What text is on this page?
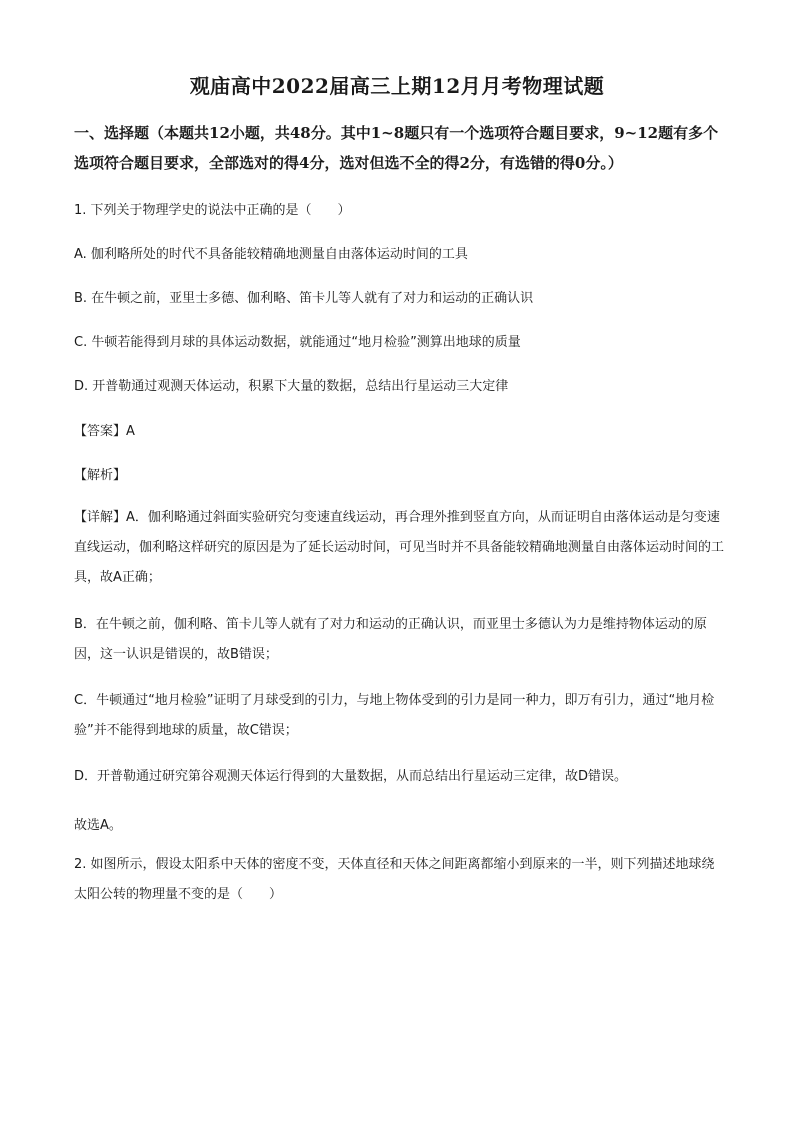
观庙高中2022届高三上期12月月考物理试题
一、选择题（本题共12小题，共48分。其中1~8题只有一个选项符合题目要求，9~12题有多个选项符合题目要求，全部选对的得4分，选对但选不全的得2分，有选错的得0分。）
1. 下列关于物理学史的说法中正确的是（　　）
A. 伽利略所处的时代不具备能较精确地测量自由落体运动时间的工具
B. 在牛顿之前，亚里士多德、伽利略、笛卡儿等人就有了对力和运动的正确认识
C. 牛顿若能得到月球的具体运动数据，就能通过“地月检验”测算出地球的质量
D. 开普勒通过观测天体运动，积累下大量的数据，总结出行星运动三大定律
【答案】A
【解析】
【详解】A．伽利略通过斜面实验研究匀变速直线运动，再合理外推到竖直方向，从而证明自由落体运动是匀变速直线运动，伽利略这样研究的原因是为了延长运动时间，可见当时并不具备能较精确地测量自由落体运动时间的工具，故A正确；
B．在牛顿之前，伽利略、笛卡儿等人就有了对力和运动的正确认识，而亚里士多德认为力是维持物体运动的原因，这一认识是错误的，故B错误；
C．牛顿通过“地月检验”证明了月球受到的引力，与地上物体受到的引力是同一种力，即万有引力，通过“地月检验”并不能得到地球的质量，故C错误；
D．开普勒通过研究第谷观测天体运行得到的大量数据，从而总结出行星运动三定律，故D错误。
故选A。
2. 如图所示，假设太阳系中天体的密度不变，天体直径和天体之间距离都缩小到原来的一半，则下列描述地球绕太阳公转的物理量不变的是（　　）
